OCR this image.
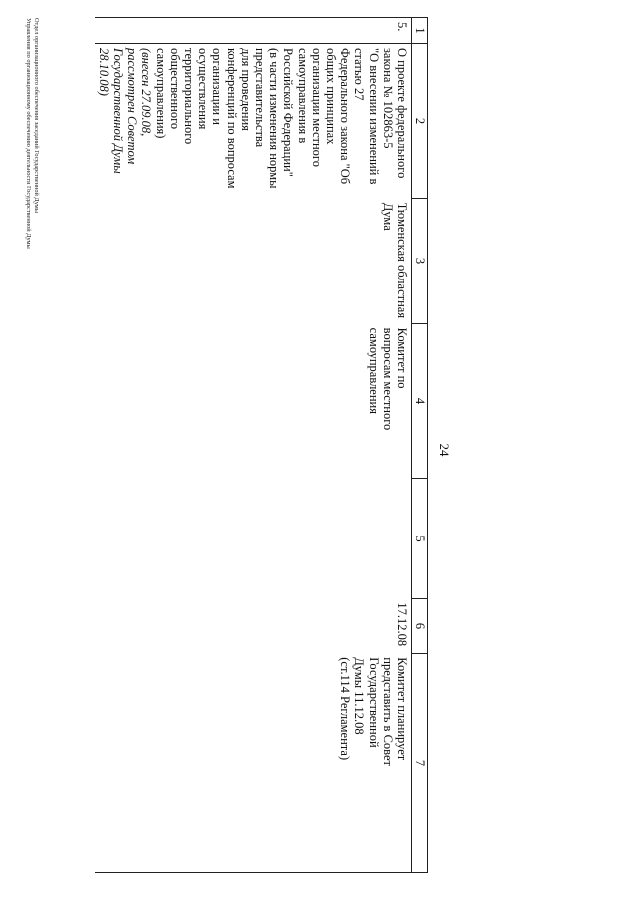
24
1
2
3
4
5
6
7
5.
О проекте федерального закона № 102863-5
"О внесении изменений в статью 27
Федерального закона "Об общих принципах
организации местного самоуправления в
Российской Федерации"
(в части изменения нормы представительства
для проведения конференций по вопросам
организации и осуществления
территориального общественного
самоуправления)
(внесен 27.09.08, рассмотрен Советом
Государственной Думы 28.10.08)
Тюменская областная
Дума
Комитет по
вопросам местного
самоуправления
17.12.08
Комитет планирует
представить в Совет
Государственной
Думы 11.12.08
(ст.114 Регламента)
Отдел организационного обеспечения заседаний Государственной Думы
Управления по организационному обеспечению деятельности Государственной Думы
